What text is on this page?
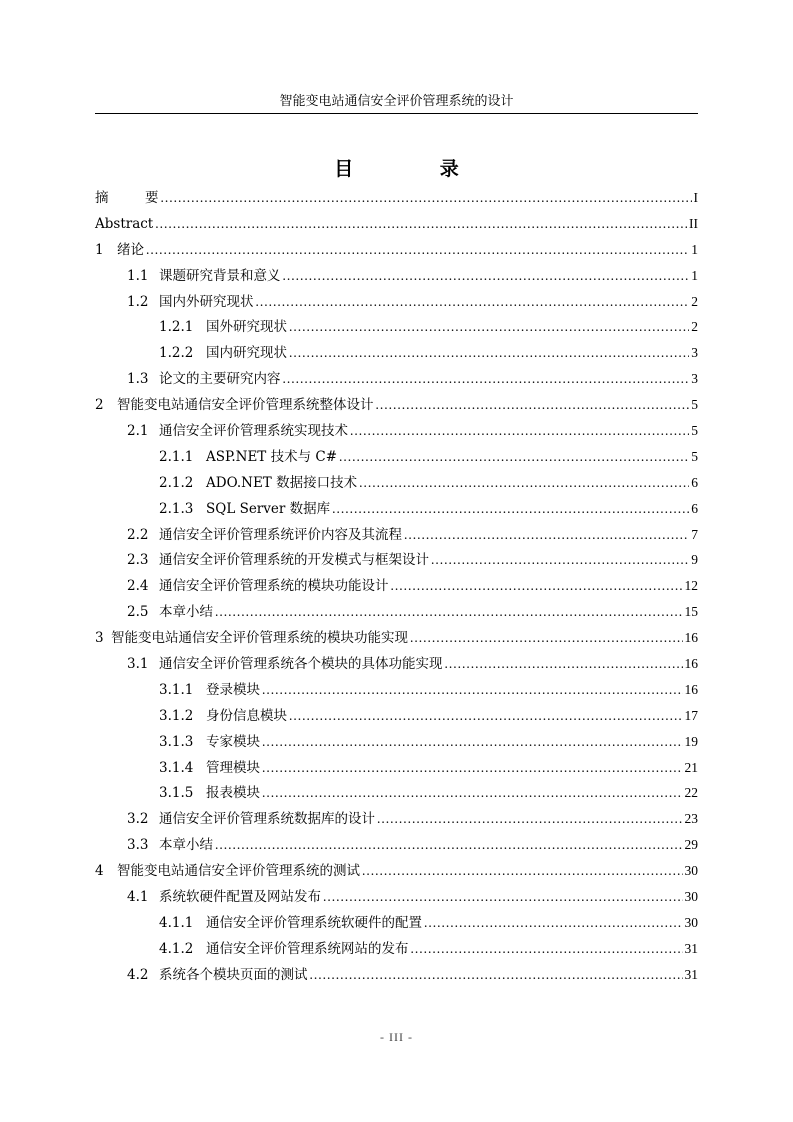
智能变电站通信安全评价管理系统的设计
目 录
摘	要 .....	I
Abstract .....	II
1 绪论 .....	1
1.1 课题研究背景和意义 .....	1
1.2 国内外研究现状 .....	2
1.2.1 国外研究现状 .....	2
1.2.2 国内研究现状 .....	3
1.3 论文的主要研究内容 .....	3
2 智能变电站通信安全评价管理系统整体设计 .....	5
2.1 通信安全评价管理系统实现技术 .....	5
2.1.1 ASP.NET 技术与 C# .....	5
2.1.2 ADO.NET 数据接口技术 .....	6
2.1.3 SQL Server 数据库 .....	6
2.2 通信安全评价管理系统评价内容及其流程 .....	7
2.3 通信安全评价管理系统的开发模式与框架设计 .....	9
2.4 通信安全评价管理系统的模块功能设计 .....	12
2.5 本章小结 .....	15
3 智能变电站通信安全评价管理系统的模块功能实现 .....	16
3.1 通信安全评价管理系统各个模块的具体功能实现 .....	16
3.1.1 登录模块 .....	16
3.1.2 身份信息模块 .....	17
3.1.3 专家模块 .....	19
3.1.4 管理模块 .....	21
3.1.5 报表模块 .....	22
3.2 通信安全评价管理系统数据库的设计 .....	23
3.3 本章小结 .....	29
4 智能变电站通信安全评价管理系统的测试 .....	30
4.1 系统软硬件配置及网站发布 .....	30
4.1.1 通信安全评价管理系统软硬件的配置 .....	30
4.1.2 通信安全评价管理系统网站的发布 .....	31
4.2 系统各个模块页面的测试 .....	31
- III -
